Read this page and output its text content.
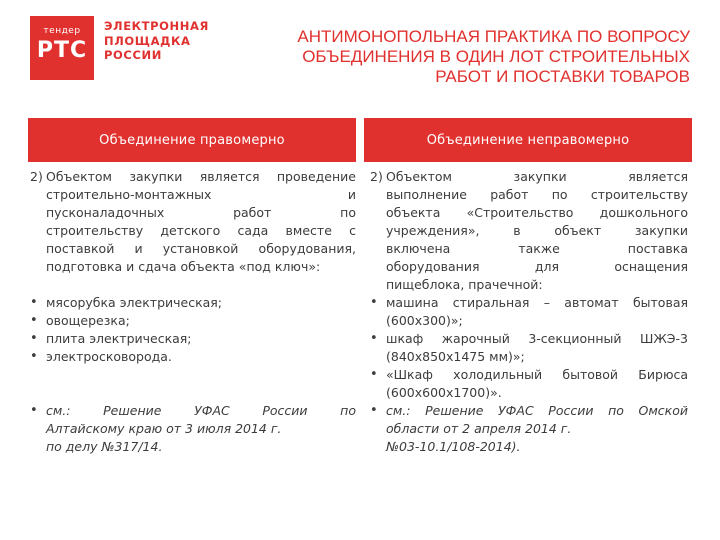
тендер
РТС
ЭЛЕКТРОННАЯ
ПЛОЩАДКА
РОССИИ
АНТИМОНОПОЛЬНАЯ ПРАКТИКА ПО ВОПРОСУ
ОБЪЕДИНЕНИЯ В ОДИН ЛОТ СТРОИТЕЛЬНЫХ
РАБОТ И ПОСТАВКИ ТОВАРОВ
Объединение правомерно	Объединение неправомерно
2) Объектом закупки является проведение
строительно-монтажных и
пусконаладочных работ по
строительству детского сада вместе с
поставкой и установкой оборудования,
подготовка и сдача объекта «под ключ»:
• мясорубка электрическая;
• овощерезка;
• плита электрическая;
• электросковорода.
• см.: Решение УФАС России по
Алтайскому краю от 3 июля 2014 г.
по делу №317/14.
2) Объектом закупки является
выполнение работ по строительству
объекта «Строительство дошкольного
учреждения», в объект закупки
включена также поставка
оборудования для оснащения
пищеблока, прачечной:
• машина стиральная – автомат бытовая
(600х300)»;
• шкаф жарочный 3-секционный ШЖЭ-3
(840х850х1475 мм)»;
• «Шкаф холодильный бытовой Бирюса
(600х600х1700)».
• см.: Решение УФАС России по Омской
области от 2 апреля 2014 г.
№03-10.1/108-2014).
